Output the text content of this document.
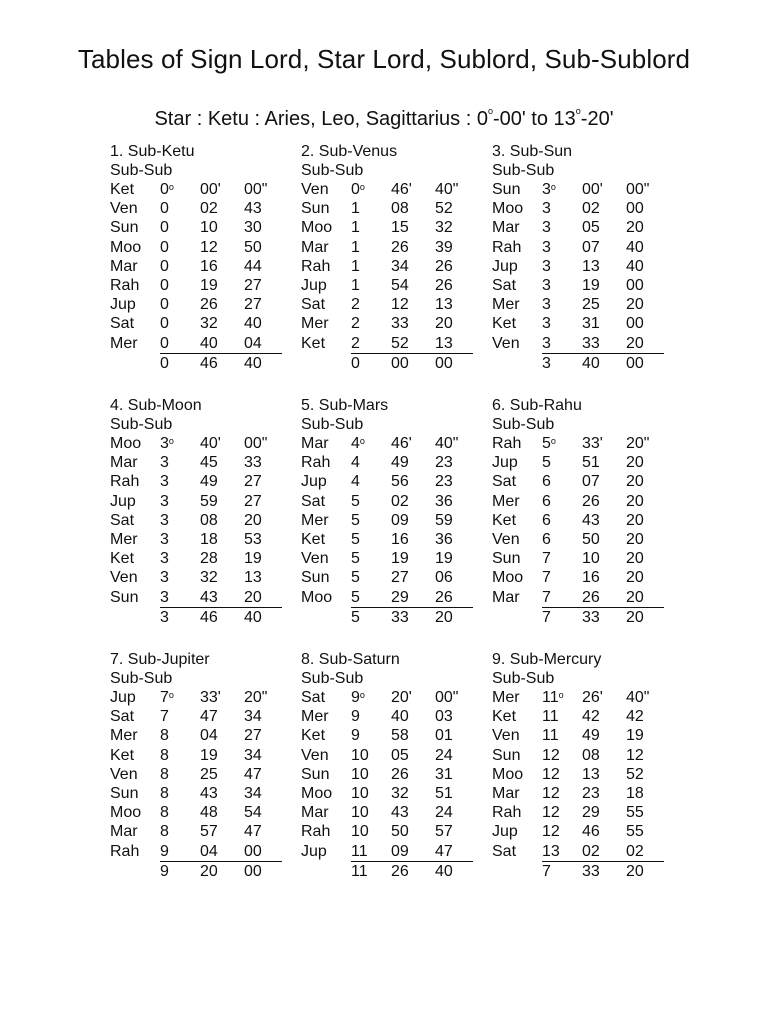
Tables of Sign Lord, Star Lord, Sublord, Sub-Sublord
Star : Ketu : Aries, Leo, Sagittarius : 0$^o$-00' to 13$^o$-20'
1. Sub-Ketu
Sub-Sub
Ket	0$^o$	00'	00"
Ven	0	02	43
Sun	0	10	30
Moo	0	12	50
Mar	0	16	44
Rah	0	19	27
Jup	0	26	27
Sat	0	32	40
Mer	0	40	04
	0	46	40
2. Sub-Venus
Sub-Sub
Ven	0$^o$	46'	40"
Sun	1	08	52
Moo	1	15	32
Mar	1	26	39
Rah	1	34	26
Jup	1	54	26
Sat	2	12	13
Mer	2	33	20
Ket	2	52	13
	0	00	00
3. Sub-Sun
Sub-Sub
Sun	3$^o$	00'	00"
Moo	3	02	00
Mar	3	05	20
Rah	3	07	40
Jup	3	13	40
Sat	3	19	00
Mer	3	25	20
Ket	3	31	00
Ven	3	33	20
	3	40	00
4. Sub-Moon
Sub-Sub
Moo	3$^o$	40'	00"
Mar	3	45	33
Rah	3	49	27
Jup	3	59	27
Sat	3	08	20
Mer	3	18	53
Ket	3	28	19
Ven	3	32	13
Sun	3	43	20
	3	46	40
5. Sub-Mars
Sub-Sub
Mar	4$^o$	46'	40"
Rah	4	49	23
Jup	4	56	23
Sat	5	02	36
Mer	5	09	59
Ket	5	16	36
Ven	5	19	19
Sun	5	27	06
Moo	5	29	26
	5	33	20
6. Sub-Rahu
Sub-Sub
Rah	5$^o$	33'	20"
Jup	5	51	20
Sat	6	07	20
Mer	6	26	20
Ket	6	43	20
Ven	6	50	20
Sun	7	10	20
Moo	7	16	20
Mar	7	26	20
	7	33	20
7. Sub-Jupiter
Sub-Sub
Jup	7$^o$	33'	20"
Sat	7	47	34
Mer	8	04	27
Ket	8	19	34
Ven	8	25	47
Sun	8	43	34
Moo	8	48	54
Mar	8	57	47
Rah	9	04	00
	9	20	00
8. Sub-Saturn
Sub-Sub
Sat	9$^o$	20'	00"
Mer	9	40	03
Ket	9	58	01
Ven	10	05	24
Sun	10	26	31
Moo	10	32	51
Mar	10	43	24
Rah	10	50	57
Jup	11	09	47
	11	26	40
9. Sub-Mercury
Sub-Sub
Mer	11$^o$	26'	40"
Ket	11	42	42
Ven	11	49	19
Sun	12	08	12
Moo	12	13	52
Mar	12	23	18
Rah	12	29	55
Jup	12	46	55
Sat	13	02	02
	7	33	20
